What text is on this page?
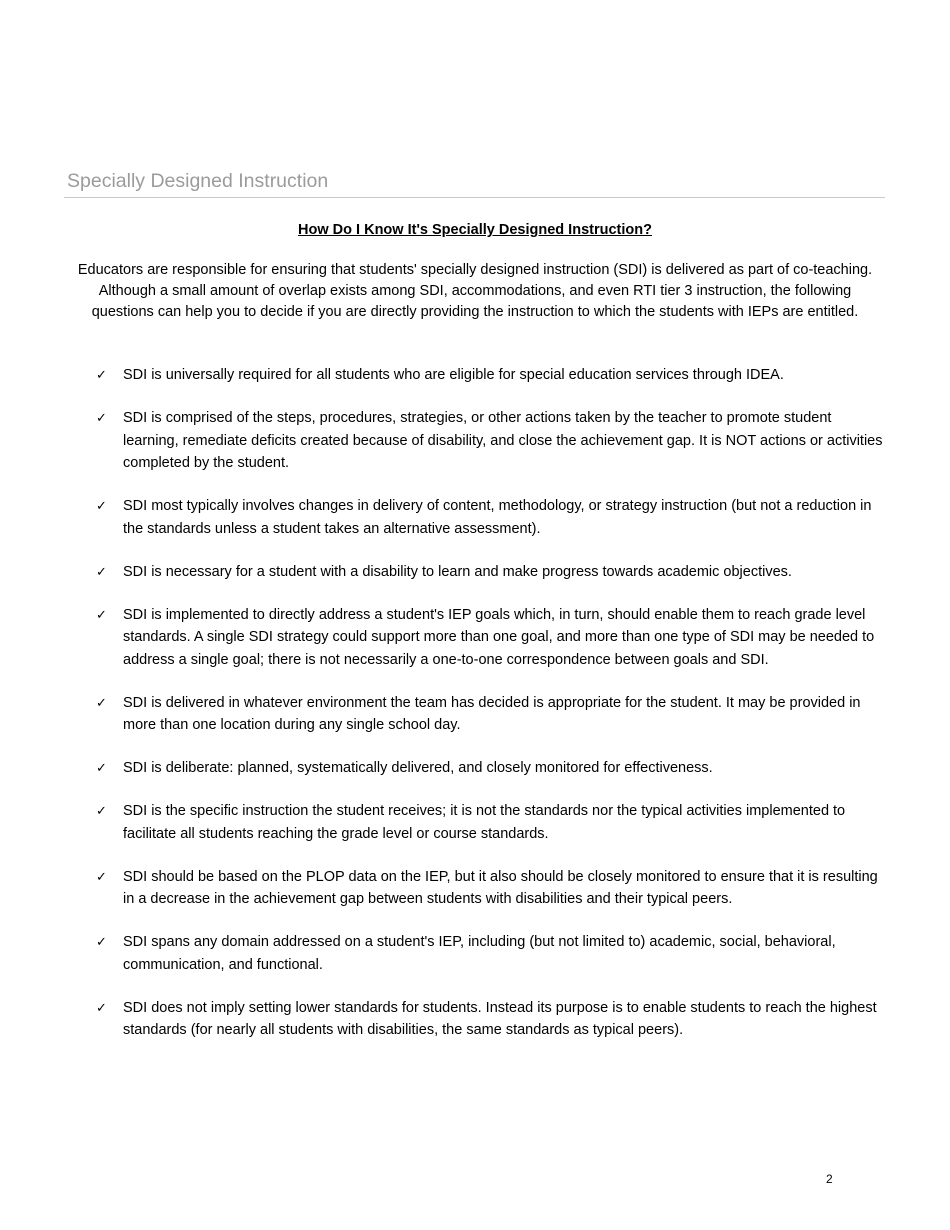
Specially Designed Instruction
How Do I Know It's Specially Designed Instruction?
Educators are responsible for ensuring that students' specially designed instruction (SDI) is delivered as part of co-teaching. Although a small amount of overlap exists among SDI, accommodations, and even RTI tier 3 instruction, the following questions can help you to decide if you are directly providing the instruction to which the students with IEPs are entitled.
✓ SDI is universally required for all students who are eligible for special education services through IDEA.
✓ SDI is comprised of the steps, procedures, strategies, or other actions taken by the teacher to promote student learning, remediate deficits created because of disability, and close the achievement gap. It is NOT actions or activities completed by the student.
✓ SDI most typically involves changes in delivery of content, methodology, or strategy instruction (but not a reduction in the standards unless a student takes an alternative assessment).
✓ SDI is necessary for a student with a disability to learn and make progress towards academic objectives.
✓ SDI is implemented to directly address a student's IEP goals which, in turn, should enable them to reach grade level standards. A single SDI strategy could support more than one goal, and more than one type of SDI may be needed to address a single goal; there is not necessarily a one-to-one correspondence between goals and SDI.
✓ SDI is delivered in whatever environment the team has decided is appropriate for the student. It may be provided in more than one location during any single school day.
✓ SDI is deliberate: planned, systematically delivered, and closely monitored for effectiveness.
✓ SDI is the specific instruction the student receives; it is not the standards nor the typical activities implemented to facilitate all students reaching the grade level or course standards.
✓ SDI should be based on the PLOP data on the IEP, but it also should be closely monitored to ensure that it is resulting in a decrease in the achievement gap between students with disabilities and their typical peers.
✓ SDI spans any domain addressed on a student's IEP, including (but not limited to) academic, social, behavioral, communication, and functional.
✓ SDI does not imply setting lower standards for students. Instead its purpose is to enable students to reach the highest standards (for nearly all students with disabilities, the same standards as typical peers).
2
